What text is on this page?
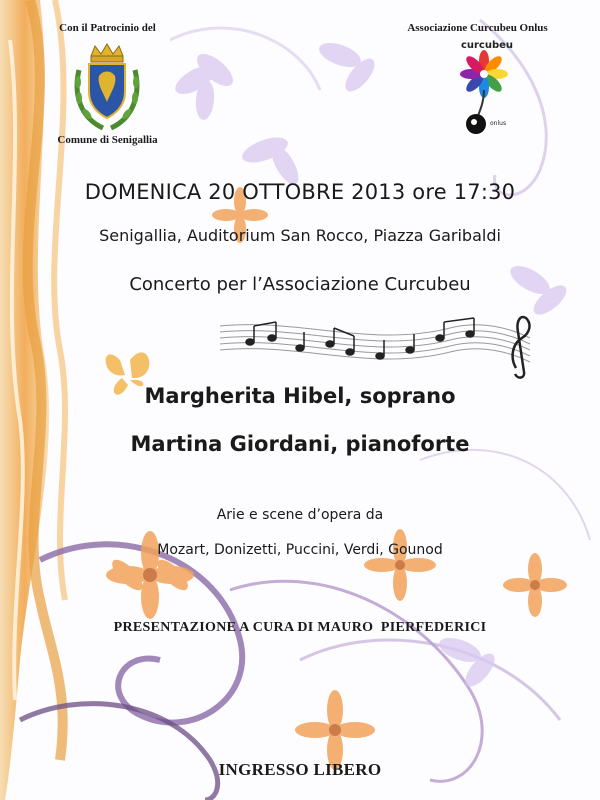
Con il Patrocinio del
Comune di Senigallia
Associazione Curcubeu Onlus
curcubeu
onlus

DOMENICA 20 OTTOBRE 2013 ore 17:30

Senigallia, Auditorium San Rocco, Piazza Garibaldi

Concerto per l’Associazione Curcubeu

Margherita Hibel, soprano

Martina Giordani, pianoforte

Arie e scene d’opera da

Mozart, Donizetti, Puccini, Verdi, Gounod

PRESENTAZIONE A CURA DI MAURO  PIERFEDERICI

INGRESSO LIBERO
